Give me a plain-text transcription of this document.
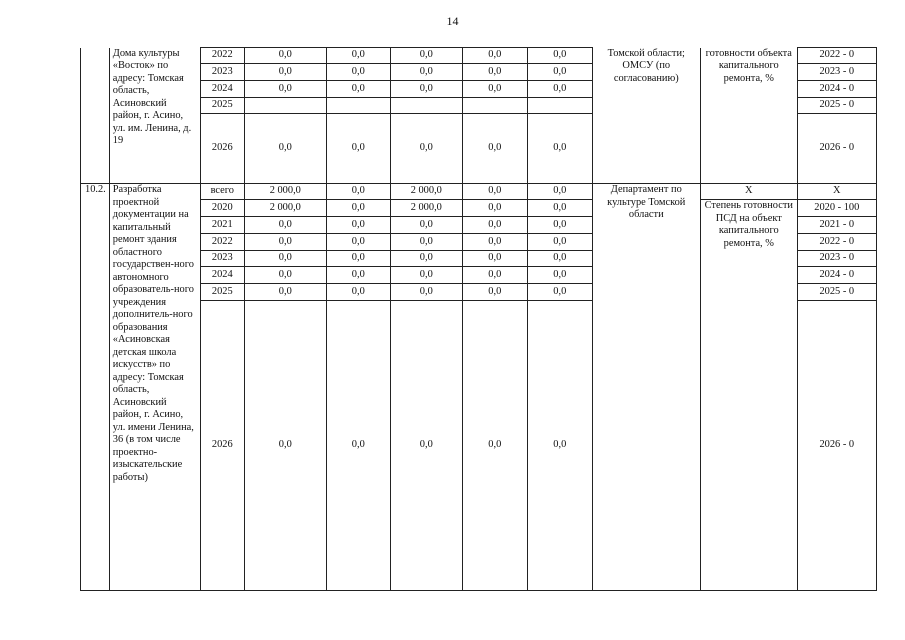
14
	Дома культуры «Восток» по адресу: Томская область, Асиновский район, г. Асино, ул. им. Ленина, д. 19	2022	0,0	0,0	0,0	0,0	0,0	Томской области; ОМСУ (по согласованию)	готовности объекта капитального ремонта, %	2022 - 0
		2023	0,0	0,0	0,0	0,0	0,0			2023 - 0
		2024	0,0	0,0	0,0	0,0	0,0			2024 - 0
		2025								2025 - 0
		2026	0,0	0,0	0,0	0,0	0,0			2026 - 0
10.2.	Разработка проектной документации на капитальный ремонт здания областного государствен-ного автономного образователь-ного учреждения дополнитель-ного образования «Асиновская детская школа искусств» по адресу: Томская область, Асиновский район, г. Асино, ул. имени Ленина, 36 (в том числе проектно-изыскательские работы)	всего	2 000,0	0,0	2 000,0	0,0	0,0	Департамент по культуре Томской области	Х	Х
		2020	2 000,0	0,0	2 000,0	0,0	0,0		Степень готовности ПСД на объект капитального ремонта, %	2020 - 100
		2021	0,0	0,0	0,0	0,0	0,0			2021 - 0
		2022	0,0	0,0	0,0	0,0	0,0			2022 - 0
		2023	0,0	0,0	0,0	0,0	0,0			2023 - 0
		2024	0,0	0,0	0,0	0,0	0,0			2024 - 0
		2025	0,0	0,0	0,0	0,0	0,0			2025 - 0
		2026	0,0	0,0	0,0	0,0	0,0			2026 - 0
